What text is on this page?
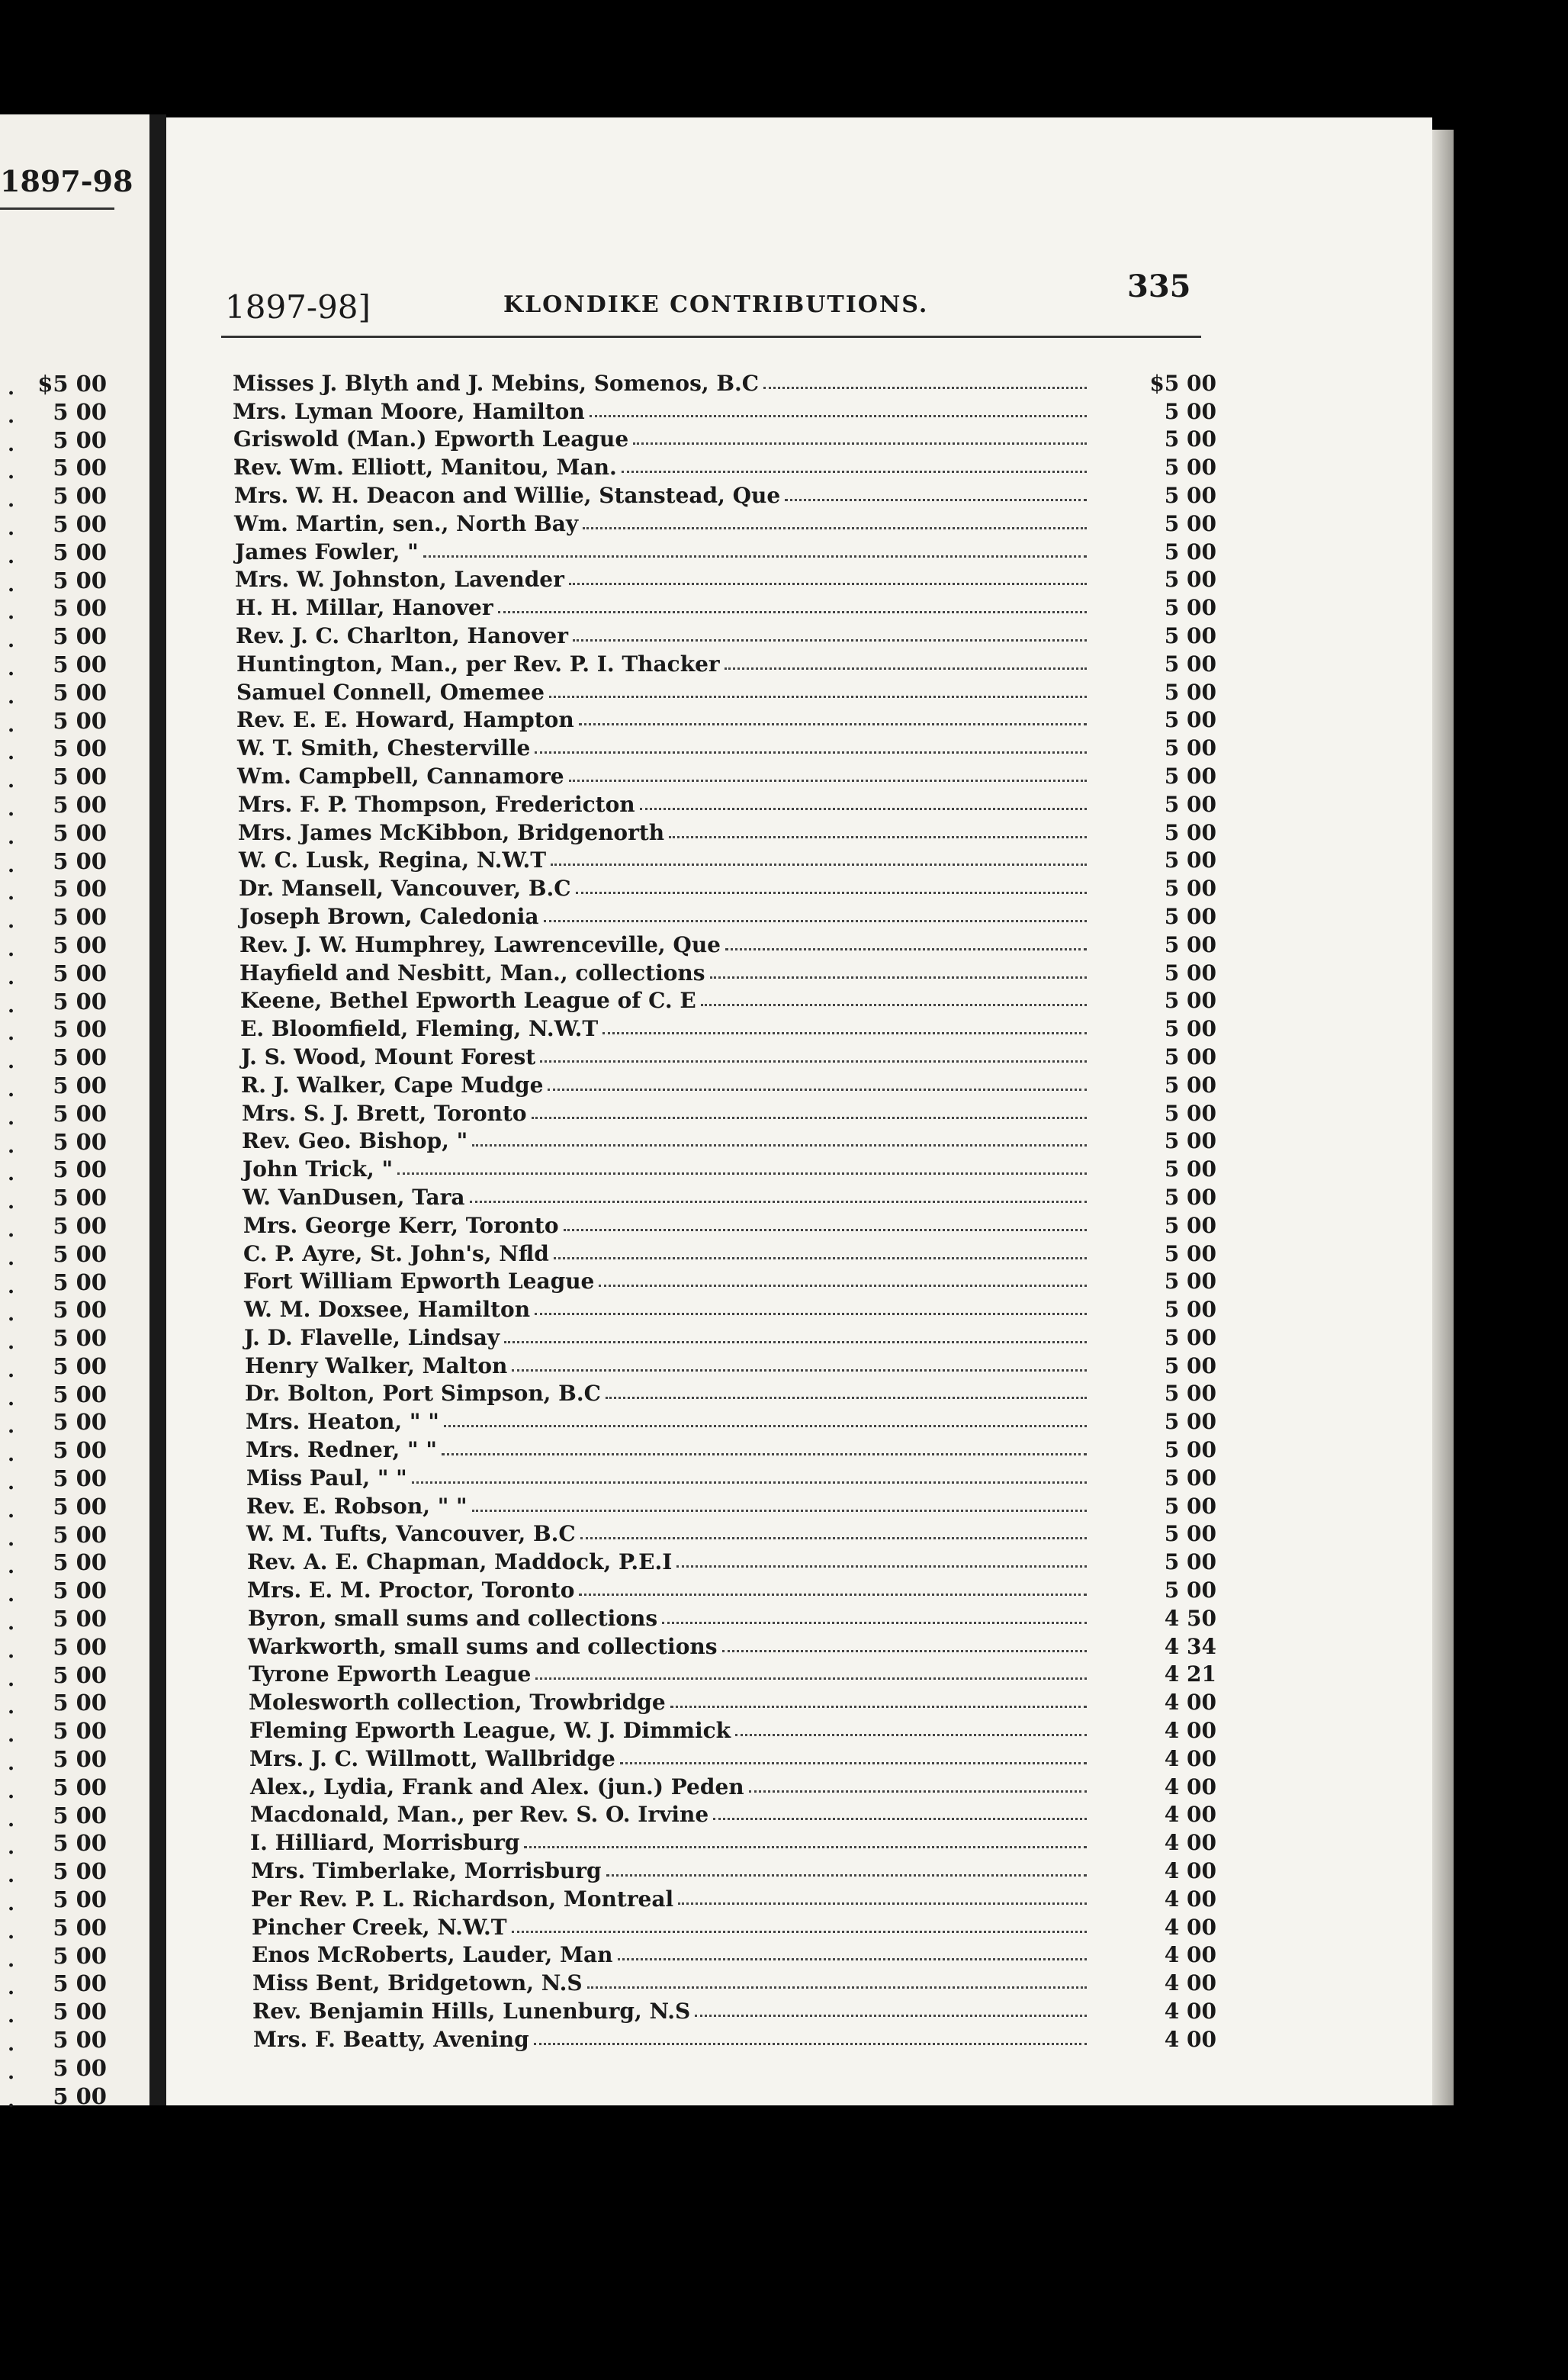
1897-98
. $5 00
. 5 00
. 5 00
. 5 00
. 5 00
. 5 00
. 5 00
. 5 00
. 5 00
. 5 00
. 5 00
. 5 00
. 5 00
. 5 00
. 5 00
. 5 00
. 5 00
. 5 00
. 5 00
. 5 00
. 5 00
. 5 00
. 5 00
. 5 00
. 5 00
. 5 00
. 5 00
. 5 00
. 5 00
. 5 00
. 5 00
. 5 00
. 5 00
. 5 00
. 5 00
. 5 00
. 5 00
. 5 00
. 5 00
. 5 00
. 5 00
. 5 00
. 5 00
. 5 00
. 5 00
. 5 00
. 5 00
. 5 00
. 5 00
. 5 00
. 5 00
. 5 00
. 5 00
. 5 00
. 5 00
. 5 00
. 5 00
. 5 00
. 5 00
. 5 00
. 5 00
. 5 00
1897-98]	KLONDIKE CONTRIBUTIONS.
335
Misses J. Blyth and J. Mebins, Somenos, B.C	$5 00
Mrs. Lyman Moore, Hamilton	5 00
Griswold (Man.) Epworth League	5 00
Rev. Wm. Elliott, Manitou, Man.	5 00
Mrs. W. H. Deacon and Willie, Stanstead, Que	5 00
Wm. Martin, sen., North Bay	5 00
James Fowler, "	5 00
Mrs. W. Johnston, Lavender	5 00
H. H. Millar, Hanover	5 00
Rev. J. C. Charlton, Hanover	5 00
Huntington, Man., per Rev. P. I. Thacker	5 00
Samuel Connell, Omemee	5 00
Rev. E. E. Howard, Hampton	5 00
W. T. Smith, Chesterville	5 00
Wm. Campbell, Cannamore	5 00
Mrs. F. P. Thompson, Fredericton	5 00
Mrs. James McKibbon, Bridgenorth	5 00
W. C. Lusk, Regina, N.W.T	5 00
Dr. Mansell, Vancouver, B.C	5 00
Joseph Brown, Caledonia	5 00
Rev. J. W. Humphrey, Lawrenceville, Que	5 00
Hayfield and Nesbitt, Man., collections	5 00
Keene, Bethel Epworth League of C. E	5 00
E. Bloomfield, Fleming, N.W.T	5 00
J. S. Wood, Mount Forest	5 00
R. J. Walker, Cape Mudge	5 00
Mrs. S. J. Brett, Toronto	5 00
Rev. Geo. Bishop, "	5 00
John Trick, "	5 00
W. VanDusen, Tara	5 00
Mrs. George Kerr, Toronto	5 00
C. P. Ayre, St. John's, Nfld	5 00
Fort William Epworth League	5 00
W. M. Doxsee, Hamilton	5 00
J. D. Flavelle, Lindsay	5 00
Henry Walker, Malton	5 00
Dr. Bolton, Port Simpson, B.C	5 00
Mrs. Heaton, " "	5 00
Mrs. Redner, " "	5 00
Miss Paul, " "	5 00
Rev. E. Robson, " "	5 00
W. M. Tufts, Vancouver, B.C	5 00
Rev. A. E. Chapman, Maddock, P.E.I	5 00
Mrs. E. M. Proctor, Toronto	5 00
Byron, small sums and collections	4 50
Warkworth, small sums and collections	4 34
Tyrone Epworth League	4 21
Molesworth collection, Trowbridge	4 00
Fleming Epworth League, W. J. Dimmick	4 00
Mrs. J. C. Willmott, Wallbridge	4 00
Alex., Lydia, Frank and Alex. (jun.) Peden	4 00
Macdonald, Man., per Rev. S. O. Irvine	4 00
I. Hilliard, Morrisburg	4 00
Mrs. Timberlake, Morrisburg	4 00
Per Rev. P. L. Richardson, Montreal	4 00
Pincher Creek, N.W.T	4 00
Enos McRoberts, Lauder, Man	4 00
Miss Bent, Bridgetown, N.S	4 00
Rev. Benjamin Hills, Lunenburg, N.S	4 00
Mrs. F. Beatty, Avening	4 00
